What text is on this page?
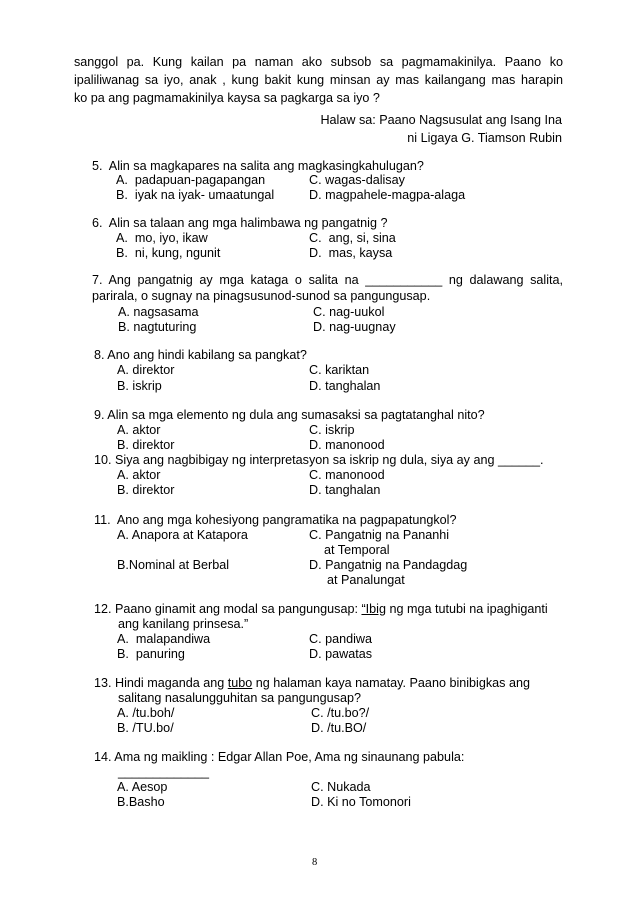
sanggol pa. Kung kailan pa naman ako subsob sa pagmamakinilya. Paano ko
ipaliliwanag sa iyo, anak , kung bakit kung minsan ay mas kailangang mas harapin
ko pa ang pagmamakinilya kaysa sa pagkarga sa iyo ?
Halaw sa: Paano Nagsusulat ang Isang Ina
ni Ligaya G. Tiamson Rubin
5.  Alin sa magkapares na salita ang magkasingkahulugan?
A.  padapuan-pagapangan	C. wagas-dalisay
B.  iyak na iyak- umaatungal	D. magpahele-magpa-alaga
6.  Alin sa talaan ang mga halimbawa ng pangatnig ?
A.  mo, iyo, ikaw	C.  ang, si, sina
B.  ni, kung, ngunit	D.  mas, kaysa
7. Ang pangatnig ay mga kataga o salita na ___________ ng dalawang salita,
parirala, o sugnay na pinagsusunod-sunod sa pangungusap.
A. nagsasama	C. nag-uukol
B. nagtuturing	D. nag-uugnay
8. Ano ang hindi kabilang sa pangkat?
A. direktor	C. kariktan
B. iskrip	D. tanghalan
9. Alin sa mga elemento ng dula ang sumasaksi sa pagtatanghal nito?
A. aktor	C. iskrip
B. direktor	D. manonood
10. Siya ang nagbibigay ng interpretasyon sa iskrip ng dula, siya ay ang ______.
A. aktor	C. manonood
B. direktor	D. tanghalan
11.  Ano ang mga kohesiyong pangramatika na pagpapatungkol?
A. Anapora at Katapora	C. Pangatnig na Pananhi
at Temporal
B.Nominal at Berbal	D. Pangatnig na Pandagdag
at Panalungat
12. Paano ginamit ang modal sa pangungusap: “Ibig ng mga tutubi na ipaghiganti
ang kanilang prinsesa.”
A.  malapandiwa	C. pandiwa
B.  panuring	D. pawatas
13. Hindi maganda ang tubo ng halaman kaya namatay. Paano binibigkas ang
salitang nasalungguhitan sa pangungusap?
A. /tu.boh/	C. /tu.bo?/
B. /TU.bo/	D. /tu.BO/
14. Ama ng maikling : Edgar Allan Poe, Ama ng sinaunang pabula:
_____________
A. Aesop	C. Nukada
B.Basho	D. Ki no Tomonori
8
